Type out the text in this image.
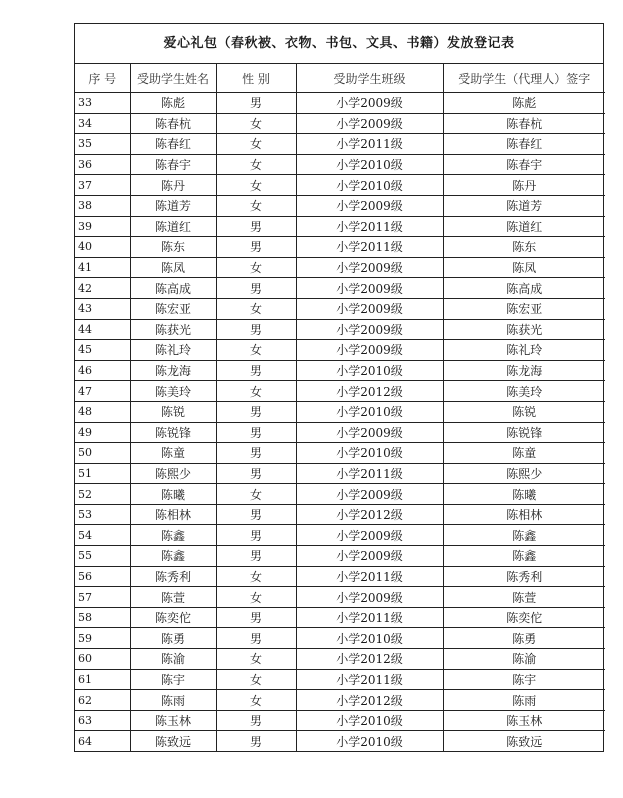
爱心礼包（春秋被、衣物、书包、文具、书籍）发放登记表
序 号	受助学生姓名	性 别	受助学生班级	受助学生（代理人）签字
33	陈彪	男	小学2009级	陈彪
34	陈春杭	女	小学2009级	陈春杭
35	陈春红	女	小学2011级	陈春红
36	陈春宇	女	小学2010级	陈春宇
37	陈丹	女	小学2010级	陈丹
38	陈道芳	女	小学2009级	陈道芳
39	陈道红	男	小学2011级	陈道红
40	陈东	男	小学2011级	陈东
41	陈凤	女	小学2009级	陈凤
42	陈高成	男	小学2009级	陈高成
43	陈宏亚	女	小学2009级	陈宏亚
44	陈获光	男	小学2009级	陈获光
45	陈礼玲	女	小学2009级	陈礼玲
46	陈龙海	男	小学2010级	陈龙海
47	陈美玲	女	小学2012级	陈美玲
48	陈锐	男	小学2010级	陈锐
49	陈锐锋	男	小学2009级	陈锐锋
50	陈童	男	小学2010级	陈童
51	陈熙少	男	小学2011级	陈熙少
52	陈曦	女	小学2009级	陈曦
53	陈相林	男	小学2012级	陈相林
54	陈鑫	男	小学2009级	陈鑫
55	陈鑫	男	小学2009级	陈鑫
56	陈秀利	女	小学2011级	陈秀利
57	陈萱	女	小学2009级	陈萱
58	陈奕佗	男	小学2011级	陈奕佗
59	陈勇	男	小学2010级	陈勇
60	陈渝	女	小学2012级	陈渝
61	陈宇	女	小学2011级	陈宇
62	陈雨	女	小学2012级	陈雨
63	陈玉林	男	小学2010级	陈玉林
64	陈致远	男	小学2010级	陈致远
